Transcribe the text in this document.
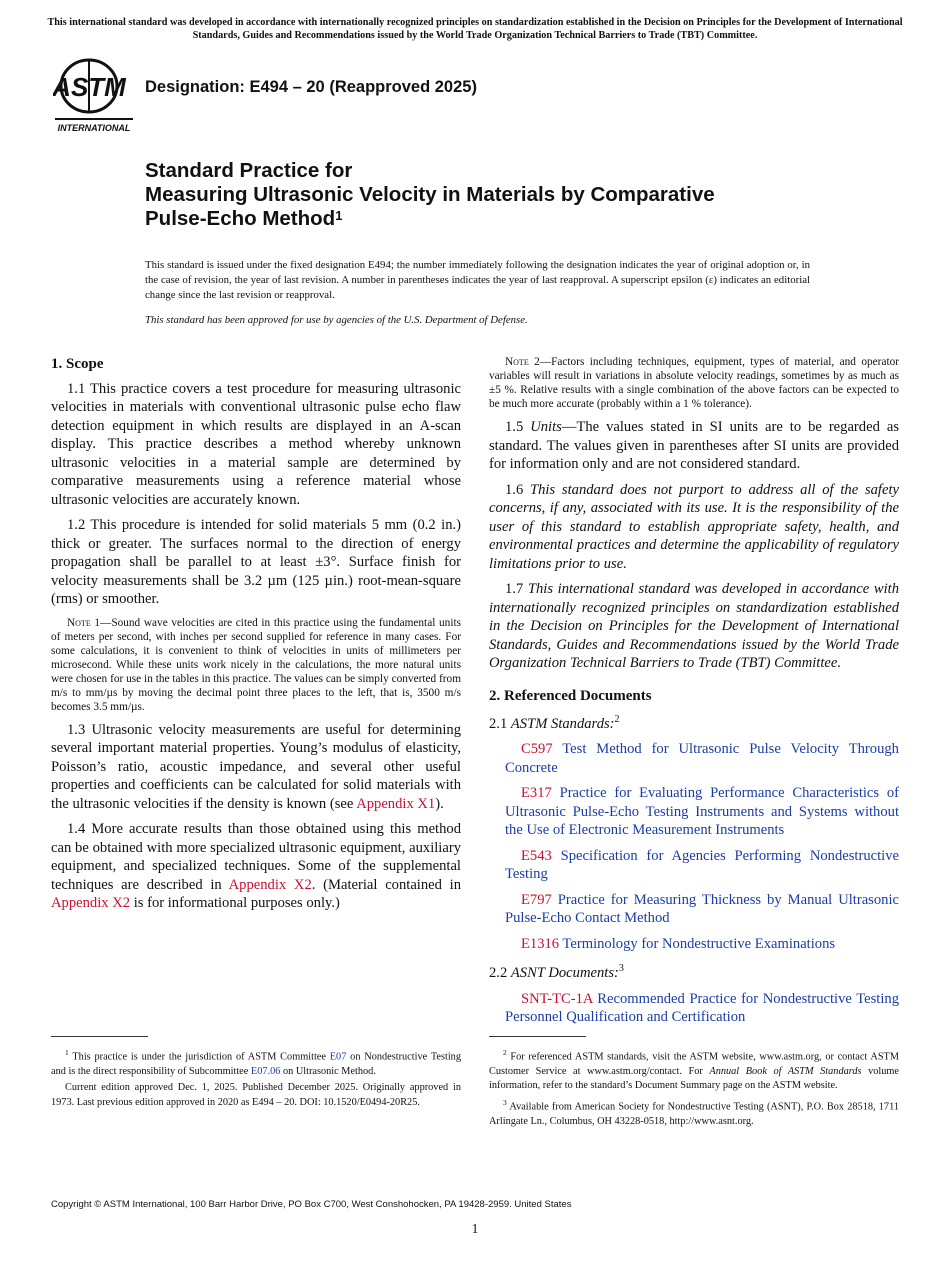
This international standard was developed in accordance with internationally recognized principles on standardization established in the Decision on Principles for the Development of International Standards, Guides and Recommendations issued by the World Trade Organization Technical Barriers to Trade (TBT) Committee.
ASTM
INTERNATIONAL
Designation: E494 – 20 (Reapproved 2025)
Standard Practice for
Measuring Ultrasonic Velocity in Materials by Comparative
Pulse-Echo Method$^1$

This standard is issued under the fixed designation E494; the number immediately following the designation indicates the year of original adoption or, in the case of revision, the year of last revision. A number in parentheses indicates the year of last reapproval. A superscript epsilon (ε) indicates an editorial change since the last revision or reapproval.

This standard has been approved for use by agencies of the U.S. Department of Defense.

1. Scope

1.1 This practice covers a test procedure for measuring ultrasonic velocities in materials with conventional ultrasonic pulse echo flaw detection equipment in which results are displayed in an A-scan display. This practice describes a method whereby unknown ultrasonic velocities in a material sample are determined by comparative measurements using a reference material whose ultrasonic velocities are accurately known.

1.2 This procedure is intended for solid materials 5 mm (0.2 in.) thick or greater. The surfaces normal to the direction of energy propagation shall be parallel to at least ±3°. Surface finish for velocity measurements shall be 3.2 µm (125 µin.) root-mean-square (rms) or smoother.

Note 1—Sound wave velocities are cited in this practice using the fundamental units of meters per second, with inches per second supplied for reference in many cases. For some calculations, it is convenient to think of velocities in units of millimeters per microsecond. While these units work nicely in the calculations, the more natural units were chosen for use in the tables in this practice. The values can be simply converted from m/s to mm/µs by moving the decimal point three places to the left, that is, 3500 m/s becomes 3.5 mm/µs.

1.3 Ultrasonic velocity measurements are useful for determining several important material properties. Young’s modulus of elasticity, Poisson’s ratio, acoustic impedance, and several other useful properties and coefficients can be calculated for solid materials with the ultrasonic velocities if the density is known (see Appendix X1).

1.4 More accurate results than those obtained using this method can be obtained with more specialized ultrasonic equipment, auxiliary equipment, and specialized techniques. Some of the supplemental techniques are described in Appendix X2. (Material contained in Appendix X2 is for informational purposes only.)

Note 2—Factors including techniques, equipment, types of material, and operator variables will result in variations in absolute velocity readings, sometimes by as much as ±5 %. Relative results with a single combination of the above factors can be expected to be much more accurate (probably within a 1 % tolerance).

1.5 Units—The values stated in SI units are to be regarded as standard. The values given in parentheses after SI units are provided for information only and are not considered standard.

1.6 This standard does not purport to address all of the safety concerns, if any, associated with its use. It is the responsibility of the user of this standard to establish appropriate safety, health, and environmental practices and determine the applicability of regulatory limitations prior to use.

1.7 This international standard was developed in accordance with internationally recognized principles on standardization established in the Decision on Principles for the Development of International Standards, Guides and Recommendations issued by the World Trade Organization Technical Barriers to Trade (TBT) Committee.

2. Referenced Documents

2.1 ASTM Standards:$^2$

C597 Test Method for Ultrasonic Pulse Velocity Through Concrete

E317 Practice for Evaluating Performance Characteristics of Ultrasonic Pulse-Echo Testing Instruments and Systems without the Use of Electronic Measurement Instruments

E543 Specification for Agencies Performing Nondestructive Testing

E797 Practice for Measuring Thickness by Manual Ultrasonic Pulse-Echo Contact Method

E1316 Terminology for Nondestructive Examinations

2.2 ASNT Documents:$^3$

SNT-TC-1A Recommended Practice for Nondestructive Testing Personnel Qualification and Certification

$^1$ This practice is under the jurisdiction of ASTM Committee E07 on Nondestructive Testing and is the direct responsibility of Subcommittee E07.06 on Ultrasonic Method.

Current edition approved Dec. 1, 2025. Published December 2025. Originally approved in 1973. Last previous edition approved in 2020 as E494 – 20. DOI: 10.1520/E0494-20R25.

$^2$ For referenced ASTM standards, visit the ASTM website, www.astm.org, or contact ASTM Customer Service at www.astm.org/contact. For Annual Book of ASTM Standards volume information, refer to the standard’s Document Summary page on the ASTM website.

$^3$ Available from American Society for Nondestructive Testing (ASNT), P.O. Box 28518, 1711 Arlingate Ln., Columbus, OH 43228-0518, http://www.asnt.org.

Copyright © ASTM International, 100 Barr Harbor Drive, PO Box C700, West Conshohocken, PA 19428-2959. United States
1
